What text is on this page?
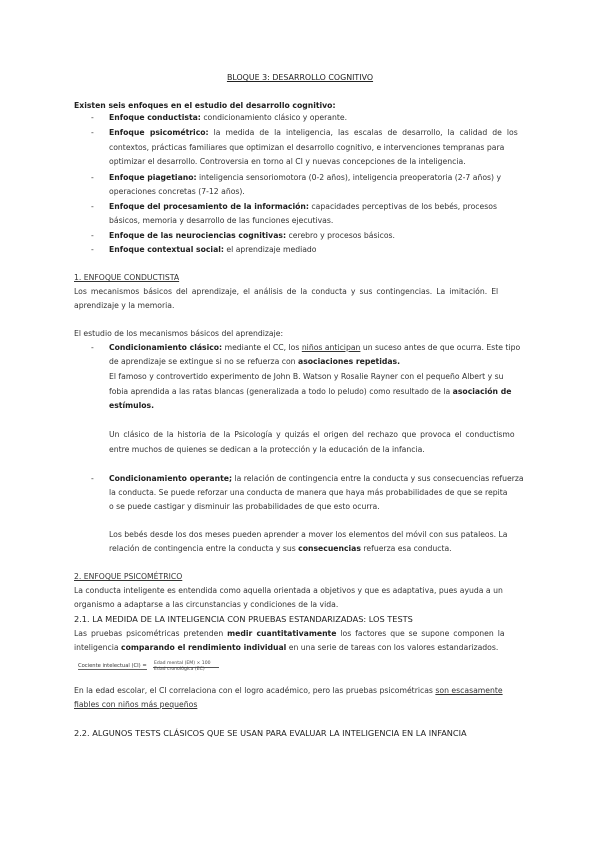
BLOQUE 3: DESARROLLO COGNITIVO
Existen seis enfoques en el estudio del desarrollo cognitivo:
- Enfoque conductista: condicionamiento clásico y operante.
- Enfoque psicométrico: la medida de la inteligencia, las escalas de desarrollo, la calidad de los
contextos, prácticas familiares que optimizan el desarrollo cognitivo, e intervenciones tempranas para
optimizar el desarrollo. Controversia en torno al CI y nuevas concepciones de la inteligencia.
- Enfoque piagetiano: inteligencia sensoriomotora (0-2 años), inteligencia preoperatoria (2-7 años) y
operaciones concretas (7-12 años).
- Enfoque del procesamiento de la información: capacidades perceptivas de los bebés, procesos
básicos, memoria y desarrollo de las funciones ejecutivas.
- Enfoque de las neurociencias cognitivas: cerebro y procesos básicos.
- Enfoque contextual social: el aprendizaje mediado
1. ENFOQUE CONDUCTISTA
Los mecanismos básicos del aprendizaje, el análisis de la conducta y sus contingencias. La imitación. El
aprendizaje y la memoria.
El estudio de los mecanismos básicos del aprendizaje:
- Condicionamiento clásico: mediante el CC, los niños anticipan un suceso antes de que ocurra. Este tipo
de aprendizaje se extingue si no se refuerza con asociaciones repetidas.
El famoso y controvertido experimento de John B. Watson y Rosalie Rayner con el pequeño Albert y su
fobia aprendida a las ratas blancas (generalizada a todo lo peludo) como resultado de la asociación de
estímulos.
Un clásico de la historia de la Psicología y quizás el origen del rechazo que provoca el conductismo
entre muchos de quienes se dedican a la protección y la educación de la infancia.
- Condicionamiento operante; la relación de contingencia entre la conducta y sus consecuencias refuerza
la conducta. Se puede reforzar una conducta de manera que haya más probabilidades de que se repita
o se puede castigar y disminuir las probabilidades de que esto ocurra.
Los bebés desde los dos meses pueden aprender a mover los elementos del móvil con sus pataleos. La
relación de contingencia entre la conducta y sus consecuencias refuerza esa conducta.
2. ENFOQUE PSICOMÉTRICO
La conducta inteligente es entendida como aquella orientada a objetivos y que es adaptativa, pues ayuda a un
organismo a adaptarse a las circunstancias y condiciones de la vida.
2.1. LA MEDIDA DE LA INTELIGENCIA CON PRUEBAS ESTANDARIZADAS: LOS TESTS
Las pruebas psicométricas pretenden medir cuantitativamente los factores que se supone componen la
inteligencia comparando el rendimiento individual en una serie de tareas con los valores estandarizados.
Cociente intelectual (CI) = Edad mental (EM) × 100
Edad cronológica (EC)
En la edad escolar, el CI correlaciona con el logro académico, pero las pruebas psicométricas son escasamente
fiables con niños más pequeños
2.2. ALGUNOS TESTS CLÁSICOS QUE SE USAN PARA EVALUAR LA INTELIGENCIA EN LA INFANCIA
